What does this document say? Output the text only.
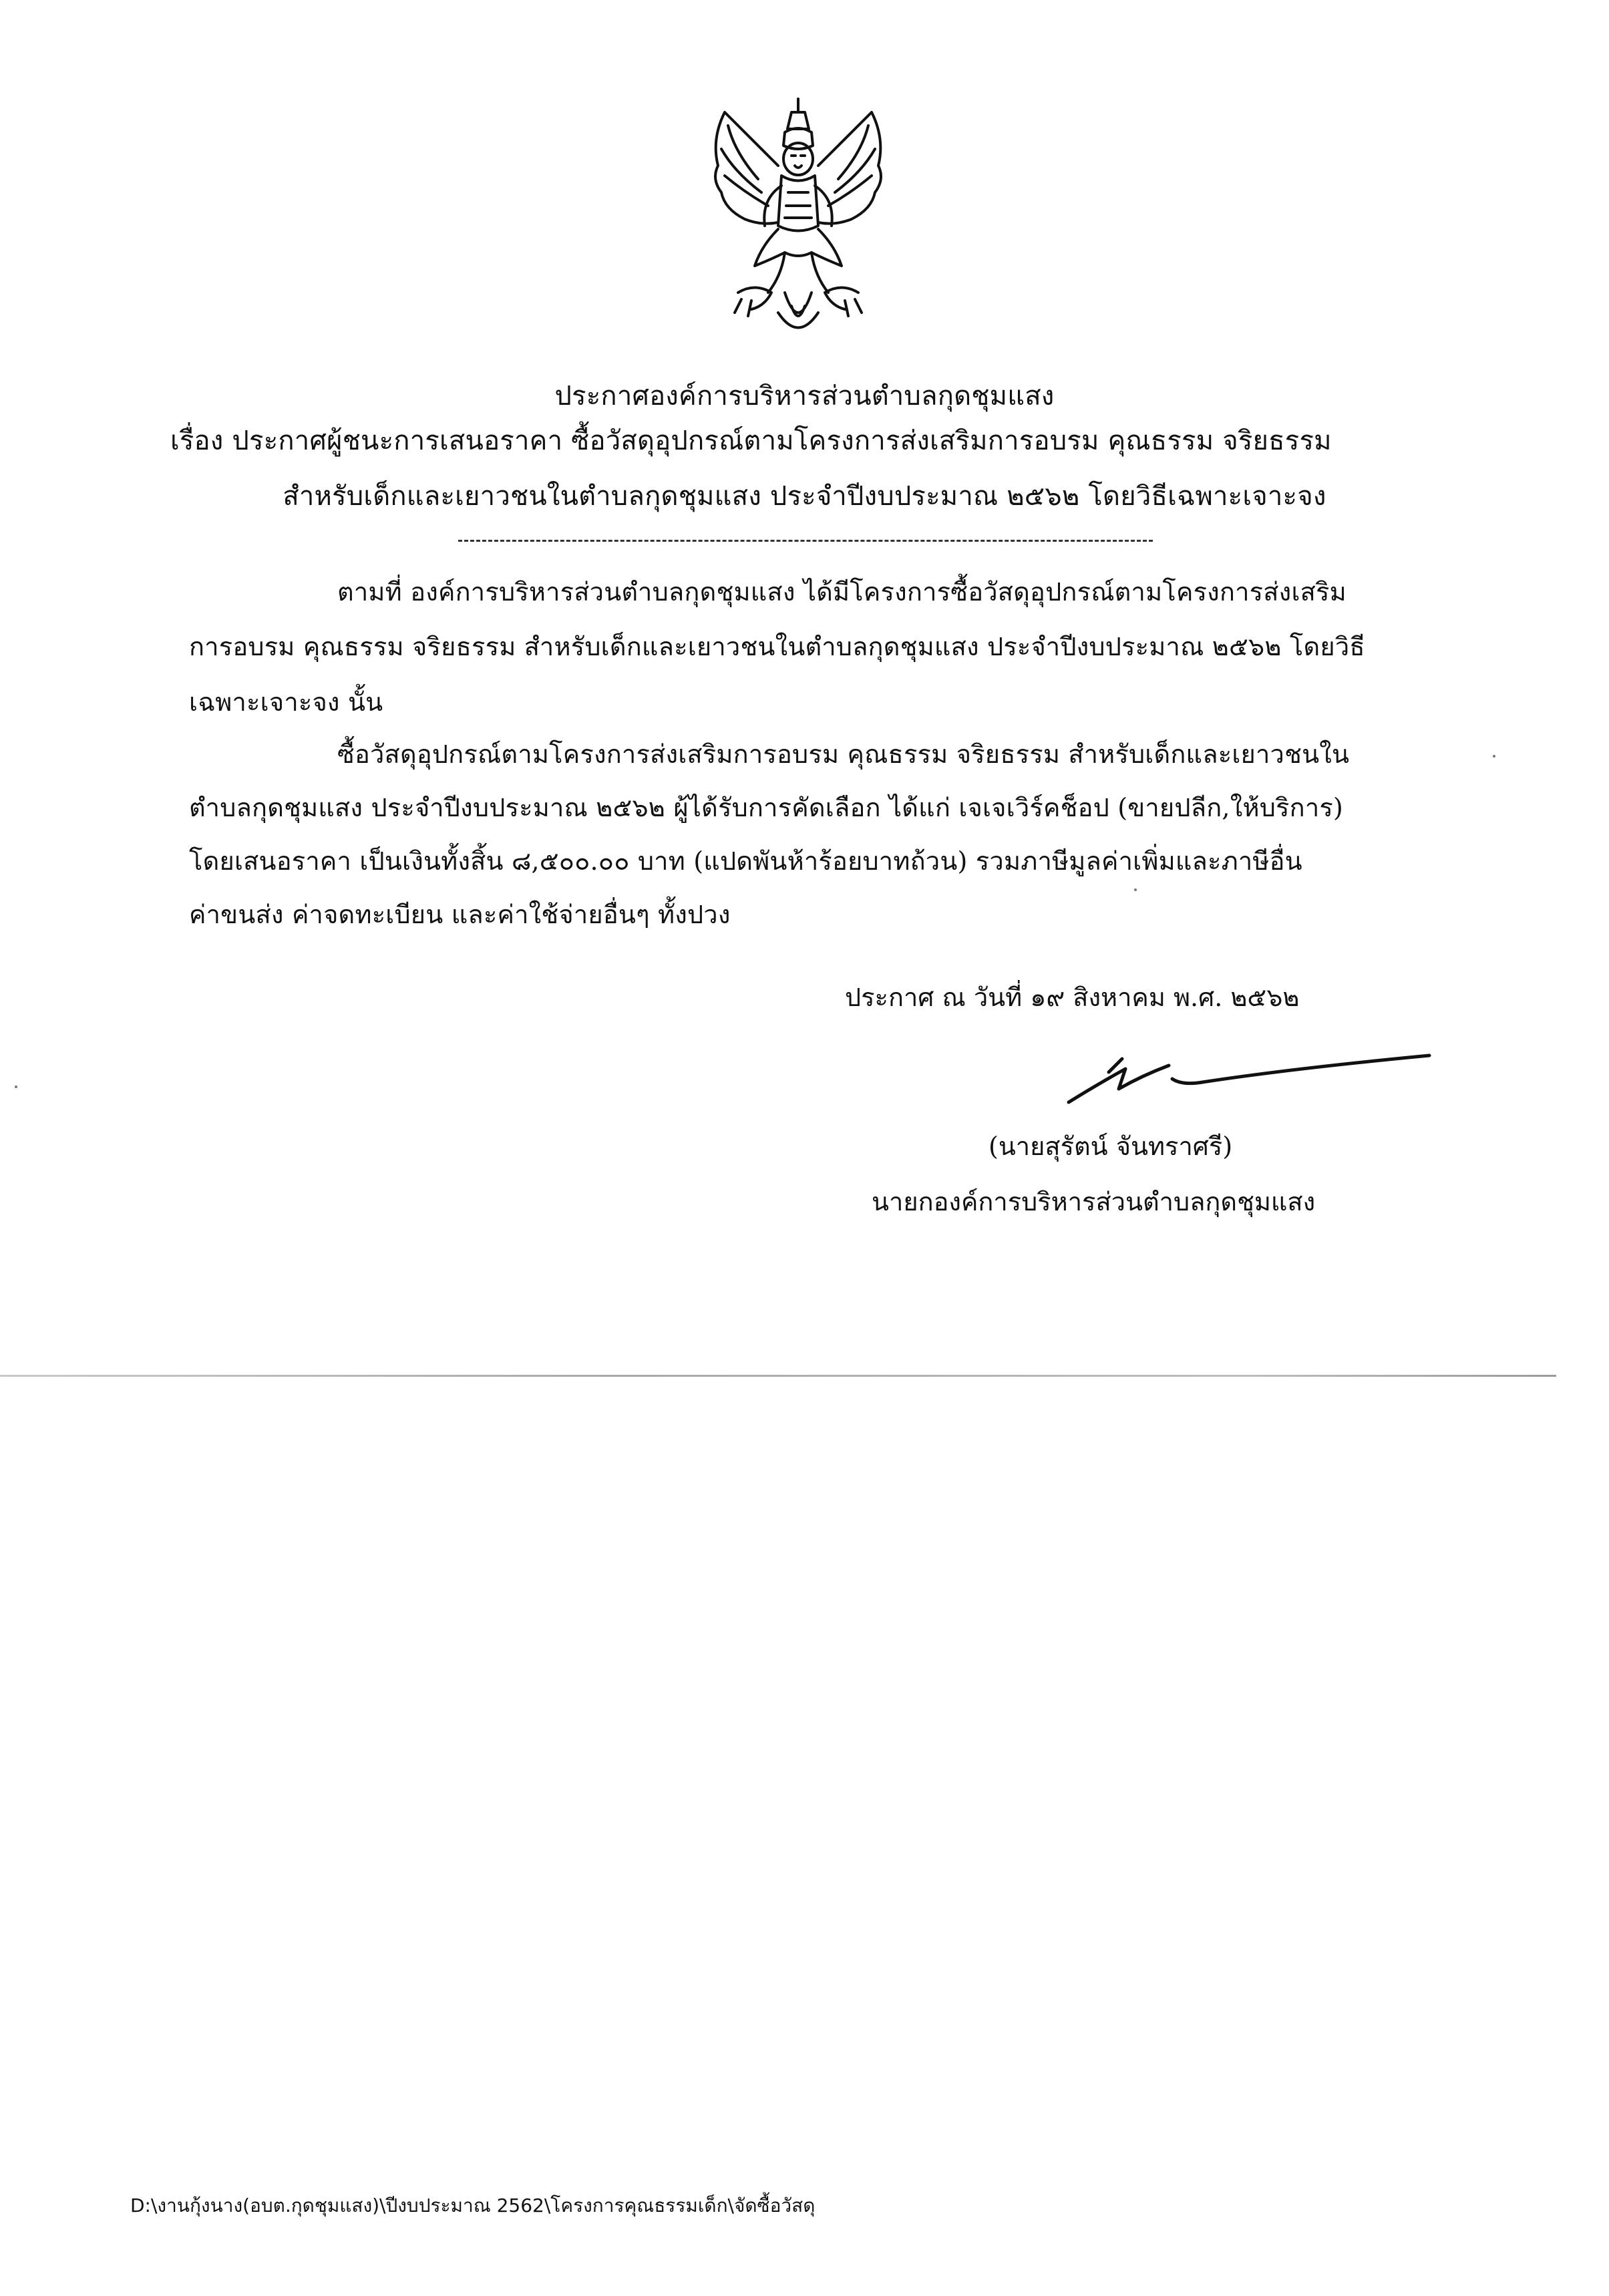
ประกาศองค์การบริหารส่วนตำบลกุดชุมแสง
เรื่อง ประกาศผู้ชนะการเสนอราคา ซื้อวัสดุอุปกรณ์ตามโครงการส่งเสริมการอบรม คุณธรรม จริยธรรม
สำหรับเด็กและเยาวชนในตำบลกุดชุมแสง ประจำปีงบประมาณ ๒๕๖๒ โดยวิธีเฉพาะเจาะจง
ตามที่ องค์การบริหารส่วนตำบลกุดชุมแสง ได้มีโครงการซื้อวัสดุอุปกรณ์ตามโครงการส่งเสริม
การอบรม คุณธรรม จริยธรรม สำหรับเด็กและเยาวชนในตำบลกุดชุมแสง ประจำปีงบประมาณ ๒๕๖๒ โดยวิธี
เฉพาะเจาะจง นั้น
ซื้อวัสดุอุปกรณ์ตามโครงการส่งเสริมการอบรม คุณธรรม จริยธรรม สำหรับเด็กและเยาวชนใน
ตำบลกุดชุมแสง ประจำปีงบประมาณ ๒๕๖๒ ผู้ได้รับการคัดเลือก ได้แก่ เจเจเวิร์คช็อป (ขายปลีก,ให้บริการ)
โดยเสนอราคา เป็นเงินทั้งสิ้น ๘,๕๐๐.๐๐ บาท (แปดพันห้าร้อยบาทถ้วน) รวมภาษีมูลค่าเพิ่มและภาษีอื่น
ค่าขนส่ง ค่าจดทะเบียน และค่าใช้จ่ายอื่นๆ ทั้งปวง
ประกาศ ณ วันที่ ๑๙ สิงหาคม พ.ศ. ๒๕๖๒
(นายสุรัตน์ จันทราศรี)
นายกองค์การบริหารส่วนตำบลกุดชุมแสง
D:\งานกุ้งนาง(อบต.กุดชุมแสง)\ปีงบประมาณ 2562\โครงการคุณธรรมเด็ก\จัดซื้อวัสดุ
